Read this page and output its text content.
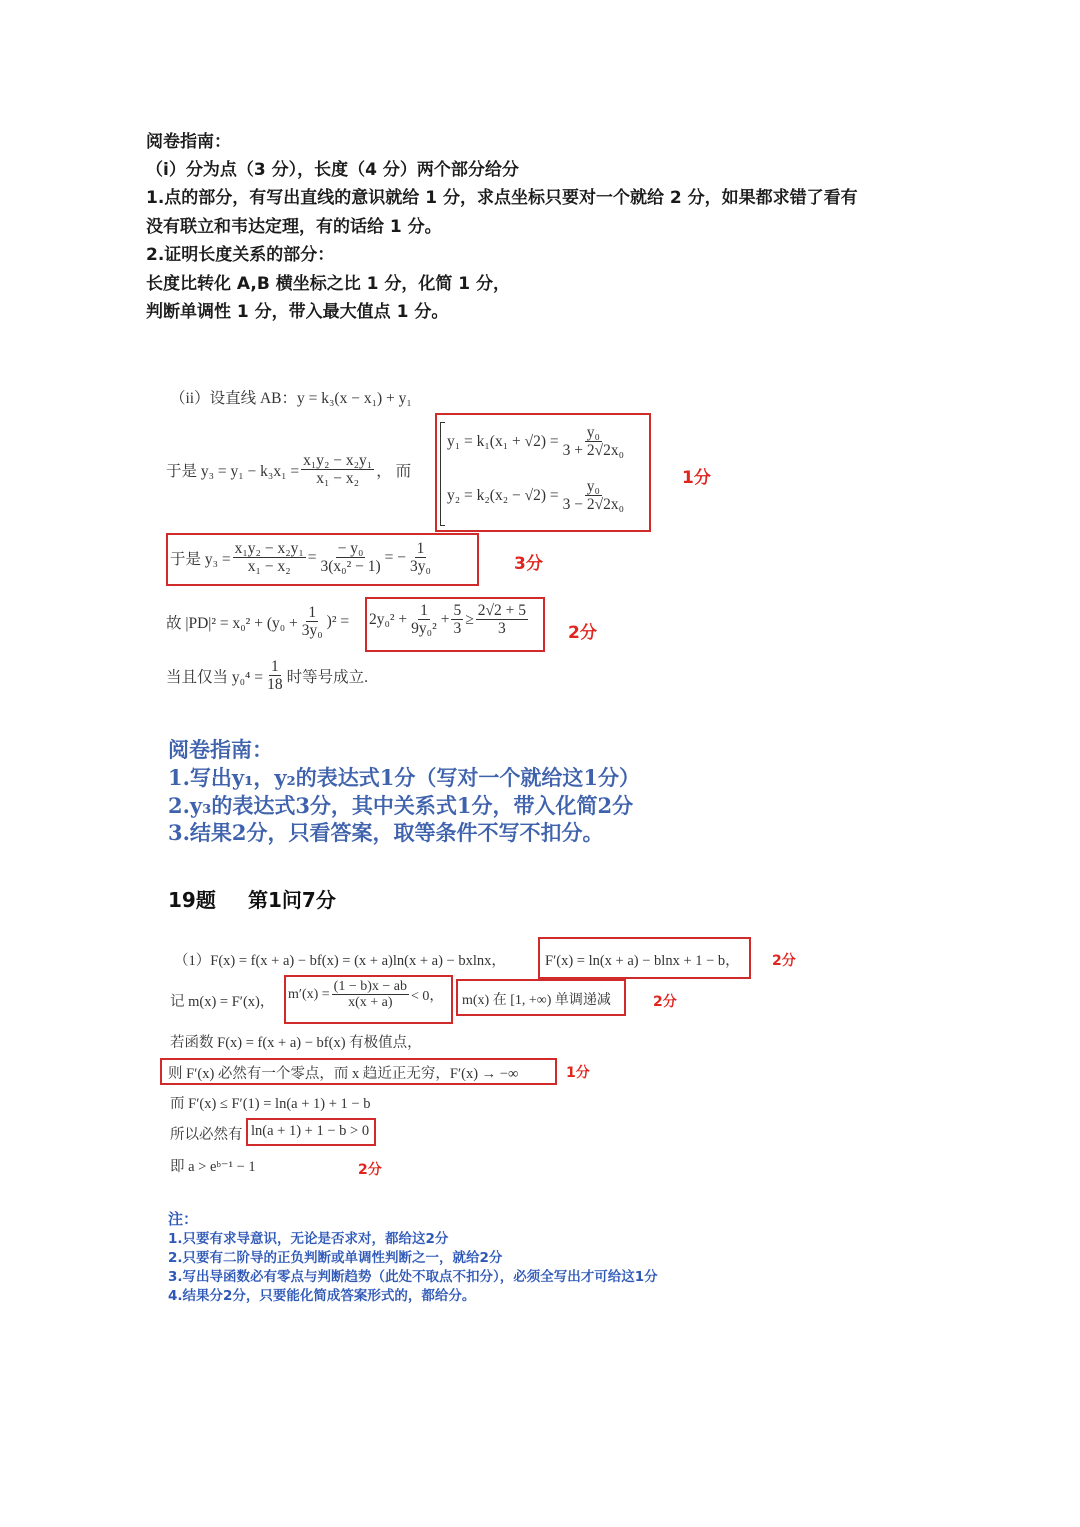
阅卷指南：
（i）分为点（3 分），长度（4 分）两个部分给分
1.点的部分，有写出直线的意识就给 1 分，求点坐标只要对一个就给 2 分，如果都求错了看有
没有联立和韦达定理，有的话给 1 分。
2.证明长度关系的部分：
长度比转化 A,B 横坐标之比 1 分，化简 1 分，
判断单调性 1 分，带入最大值点 1 分。
（ii）设直线 AB：y = k₃(x − x₁) + y₁
于是 $y_3 = y_1 - k_3x_1 = \frac{\text{x₁y₂ − x₂y₁}}{\text{x₁ − x₂}}$ ， 而
$y_1 = k_1(x_1 + √2) = \frac{\text{y₀}}{\text{3 + 2√2x₀}}$
$y_2 = k_2(x_2 - √2) = \frac{\text{y₀}}{\text{3 − 2√2x₀}}$	1分
于是 $y_3 = \frac{\text{x₁y₂ − x₂y₁}}{\text{x₁ − x₂}} = \frac{\text{− y₀}}{\text{3(x₀² − 1)}}$ = − $\frac{1}{\text{3y₀}}$	3分
故 $|PD|^2 = x_0^2 + (y_0 + \frac{1}{\text{3y₀}} )^2 = 2y_0^2 + \frac{1}{\text{9y₀²}} + \frac{5}{3} \ge \frac{2√2 + 5}{3} 2$分
当且仅当 $y_0^4 = \frac{1}{18}$ 时等号成立.
阅卷指南：
1.写出y₁，y₂的表达式1分（写对一个就给这1分）
2.y₃的表达式3分，其中关系式1分，带入化简2分
3.结果2分，只看答案，取等条件不写不扣分。
19题 第1问7分
（1）F(x) = f(x + a) − bf(x) = (x + a)ln(x + a) − bxlnx，	F′(x) = ln(x + a) − blnx + 1 − b， 2分
记 m(x) = F′(x)， $m'(x) = \frac{(1 - b)x - ab}{x(x + a)} < 0$， m(x) 在 [1, +∞) 单调递减	2分
若函数 F(x) = f(x + a) − bf(x) 有极值点，
则 F′(x) 必然有一个零点，而 x 趋近正无穷，F′(x) → −∞	1分
而 F′(x) ≤ F′(1) = ln(a + 1) + 1 − b
所以必然有 ln(a + 1) + 1 − b > 0
即 a > eᵇ⁻¹ − 1	2分
注：
1.只要有求导意识，无论是否求对，都给这2分
2.只要有二阶导的正负判断或单调性判断之一，就给2分
3.写出导函数必有零点与判断趋势（此处不取点不扣分），必须全写出才可给这1分
4.结果分2分，只要能化简成答案形式的，都给分。
